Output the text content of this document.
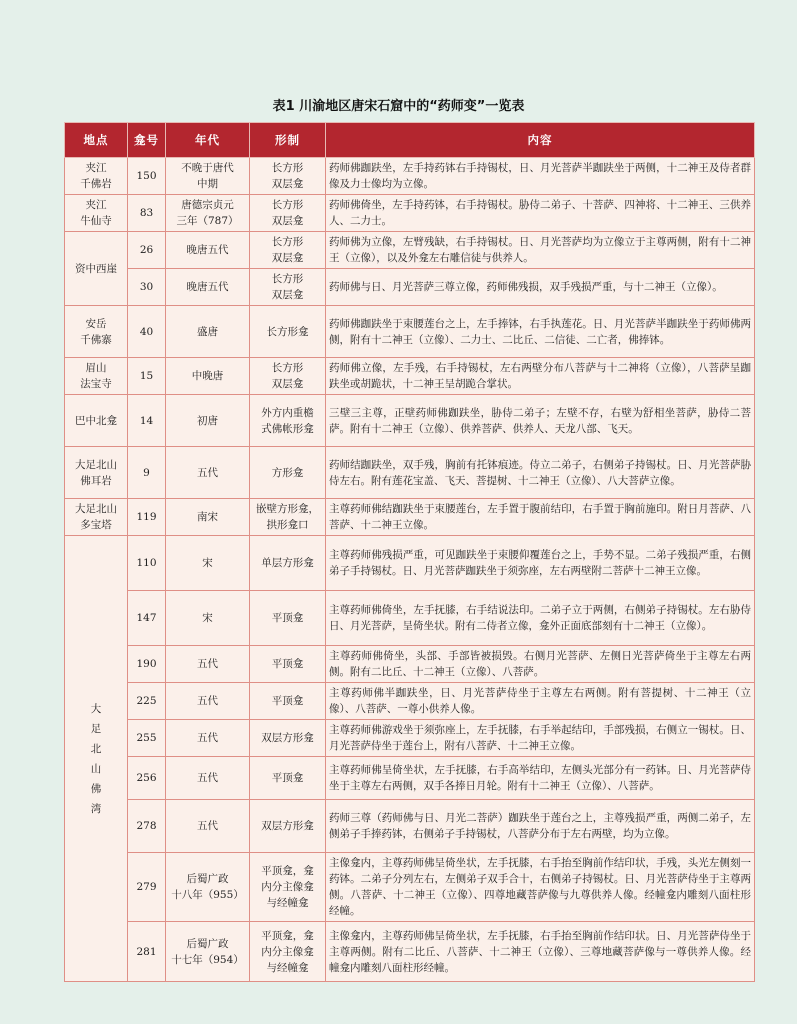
表1 川渝地区唐宋石窟中的“药师变”一览表
地点	龛号	年代	形制	内容
夹江
千佛岩	150	不晚于唐代
中期	长方形
双层龛	药师佛跏趺坐，左手持药钵右手持锡杖，日、月光菩萨半跏趺坐于两侧，十二神王及侍者群像及力士像均为立像。
夹江
牛仙寺	83	唐德宗贞元
三年（787）	长方形
双层龛	药师佛倚坐，左手持药钵，右手持锡杖。胁侍二弟子、十菩萨、四神将、十二神王、三供养人、二力士。
资中西崖	26	晚唐五代	长方形
双层龛	药师佛为立像，左臂残缺，右手持锡杖。日、月光菩萨均为立像立于主尊两侧，附有十二神王（立像），以及外龛左右雕信徒与供养人。
	30	晚唐五代	长方形
双层龛	药师佛与日、月光菩萨三尊立像，药师佛残损，双手残损严重，与十二神王（立像）。
安岳
千佛寨	40	盛唐	长方形龛	药师佛跏趺坐于束腰莲台之上，左手捧钵，右手执莲花。日、月光菩萨半跏趺坐于药师佛两侧，附有十二神王（立像）、二力士、二比丘、二信徒、二亡者，佛捧钵。
眉山
法宝寺	15	中晚唐	长方形
双层龛	药师佛立像，左手残，右手持锡杖，左右两壁分布八菩萨与十二神将（立像），八菩萨呈跏趺坐或胡跪状，十二神王呈胡跪合掌状。
巴中北龛	14	初唐	外方内重檐
式佛帐形龛	三壁三主尊，正壁药师佛跏趺坐，胁侍二弟子；左壁不存，右壁为舒相坐菩萨，胁侍二菩萨。附有十二神王（立像）、供养菩萨、供养人、天龙八部、飞天。
大足北山
佛耳岩	9	五代	方形龛	药师结跏趺坐，双手残，胸前有托钵痕迹。侍立二弟子，右侧弟子持锡杖。日、月光菩萨胁侍左右。附有莲花宝盖、飞天、菩提树、十二神王（立像）、八大菩萨立像。
大足北山
多宝塔	119	南宋	嵌壁方形龛，
拱形龛口	主尊药师佛结跏趺坐于束腰莲台，左手置于腹前结印，右手置于胸前施印。附日月菩萨、八菩萨、十二神王立像。
大足北山佛湾	110	宋	单层方形龛	主尊药师佛残损严重，可见跏趺坐于束腰仰覆莲台之上，手势不显。二弟子残损严重，右侧弟子手持锡杖。日、月光菩萨跏趺坐于须弥座，左右两壁附二菩萨十二神王立像。
	147	宋	平顶龛	主尊药师佛倚坐，左手抚膝，右手结说法印。二弟子立于两侧，右侧弟子持锡杖。左右胁侍日、月光菩萨，呈倚坐状。附有二侍者立像，龛外正面底部刻有十二神王（立像）。
	190	五代	平顶龛	主尊药师佛倚坐，头部、手部皆被损毁。右侧月光菩萨、左侧日光菩萨倚坐于主尊左右两侧。附有二比丘、十二神王（立像）、八菩萨。
	225	五代	平顶龛	主尊药师佛半跏趺坐，日、月光菩萨侍坐于主尊左右两侧。附有菩提树、十二神王（立像）、八菩萨、一尊小供养人像。
	255	五代	双层方形龛	主尊药师佛游戏坐于须弥座上，左手抚膝，右手举起结印，手部残损，右侧立一锡杖。日、月光菩萨侍坐于莲台上，附有八菩萨、十二神王立像。
	256	五代	平顶龛	主尊药师佛呈倚坐状，左手抚膝，右手高举结印，左侧头光部分有一药钵。日、月光菩萨侍坐于主尊左右两侧，双手各捧日月轮。附有十二神王（立像）、八菩萨。
	278	五代	双层方形龛	药师三尊（药师佛与日、月光二菩萨）跏趺坐于莲台之上，主尊残损严重，两侧二弟子，左侧弟子手捧药钵，右侧弟子手持锡杖，八菩萨分布于左右两壁，均为立像。
	279	后蜀广政
十八年（955）	平顶龛，龛
内分主像龛
与经幢龛	主像龛内，主尊药师佛呈倚坐状，左手抚膝，右手抬至胸前作结印状，手残，头光左侧刻一药钵。二弟子分列左右，左侧弟子双手合十，右侧弟子持锡杖。日、月光菩萨侍坐于主尊两侧。八菩萨、十二神王（立像）、四尊地藏菩萨像与九尊供养人像。经幢龛内雕刻八面柱形经幢。
	281	后蜀广政
十七年（954）	平顶龛，龛
内分主像龛
与经幢龛	主像龛内，主尊药师佛呈倚坐状，左手抚膝，右手抬至胸前作结印状。日、月光菩萨侍坐于主尊两侧。附有二比丘、八菩萨、十二神王（立像）、三尊地藏菩萨像与一尊供养人像。经幢龛内雕刻八面柱形经幢。
